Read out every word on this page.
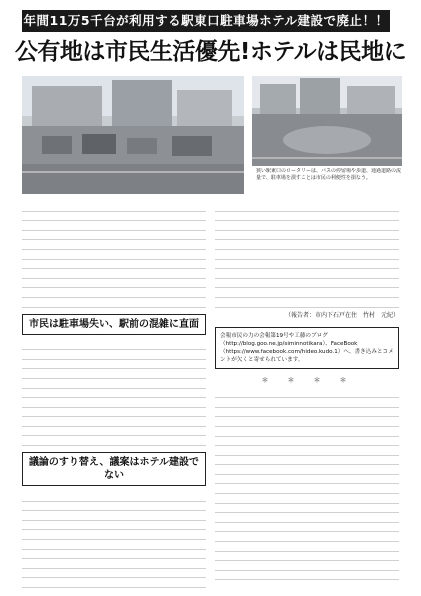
年間11万5千台が利用する駅東口駐車場ホテル建設で廃止！！
公有地は市民生活優先!ホテルは民地に
狭い駅東口のロータリーは、バスの停留場や歩道、通過道路の流量で、駐車場を潰すことは市民の利便性を損なう。
市民は駐車場失い、駅前の混雑に直面
議論のすり替え、議案はホテル建設でない
（報告者：市内下石戸在住　竹村　元紀）
会報市民の力の会報第19号や工藤のブログ（http://blog.goo.ne.jp/siminnotikara）、FaceBook（https://www.facebook.com/hideo.kudo.1）へ、書き込みとコメントが欠くと寄せられています。
＊　＊　＊　＊
